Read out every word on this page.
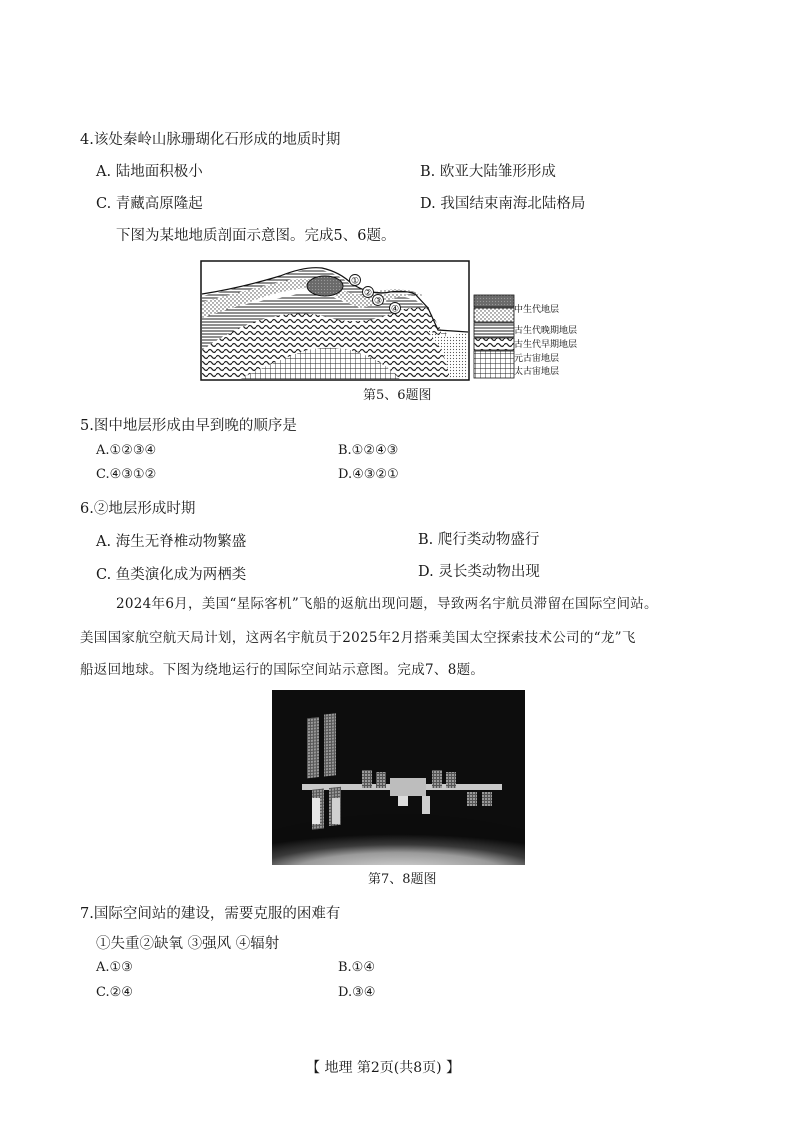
4.该处秦岭山脉珊瑚化石形成的地质时期
A. 陆地面积极小	B. 欧亚大陆雏形形成
C. 青藏高原隆起	D. 我国结束南海北陆格局
下图为某地地质剖面示意图。完成5、6题。
①
②
③
④	中生代地层
古生代晚期地层
古生代早期地层
元古宙地层
太古宙地层
第5、6题图
5.图中地层形成由早到晚的顺序是
A.①②③④	B.①②④③
C.④③①②	D.④③②①
6.②地层形成时期
A. 海生无脊椎动物繁盛	B. 爬行类动物盛行
C. 鱼类演化成为两栖类	D. 灵长类动物出现
2024年6月，美国“星际客机”飞船的返航出现问题，导致两名宇航员滞留在国际空间站。
美国国家航空航天局计划，这两名宇航员于2025年2月搭乘美国太空探索技术公司的“龙”飞
船返回地球。下图为绕地运行的国际空间站示意图。完成7、8题。
第7、8题图
7.国际空间站的建设，需要克服的困难有
①失重②缺氧 ③强风 ④辐射
A.①③	B.①④
C.②④	D.③④
【 地理 第2页(共8页) 】
